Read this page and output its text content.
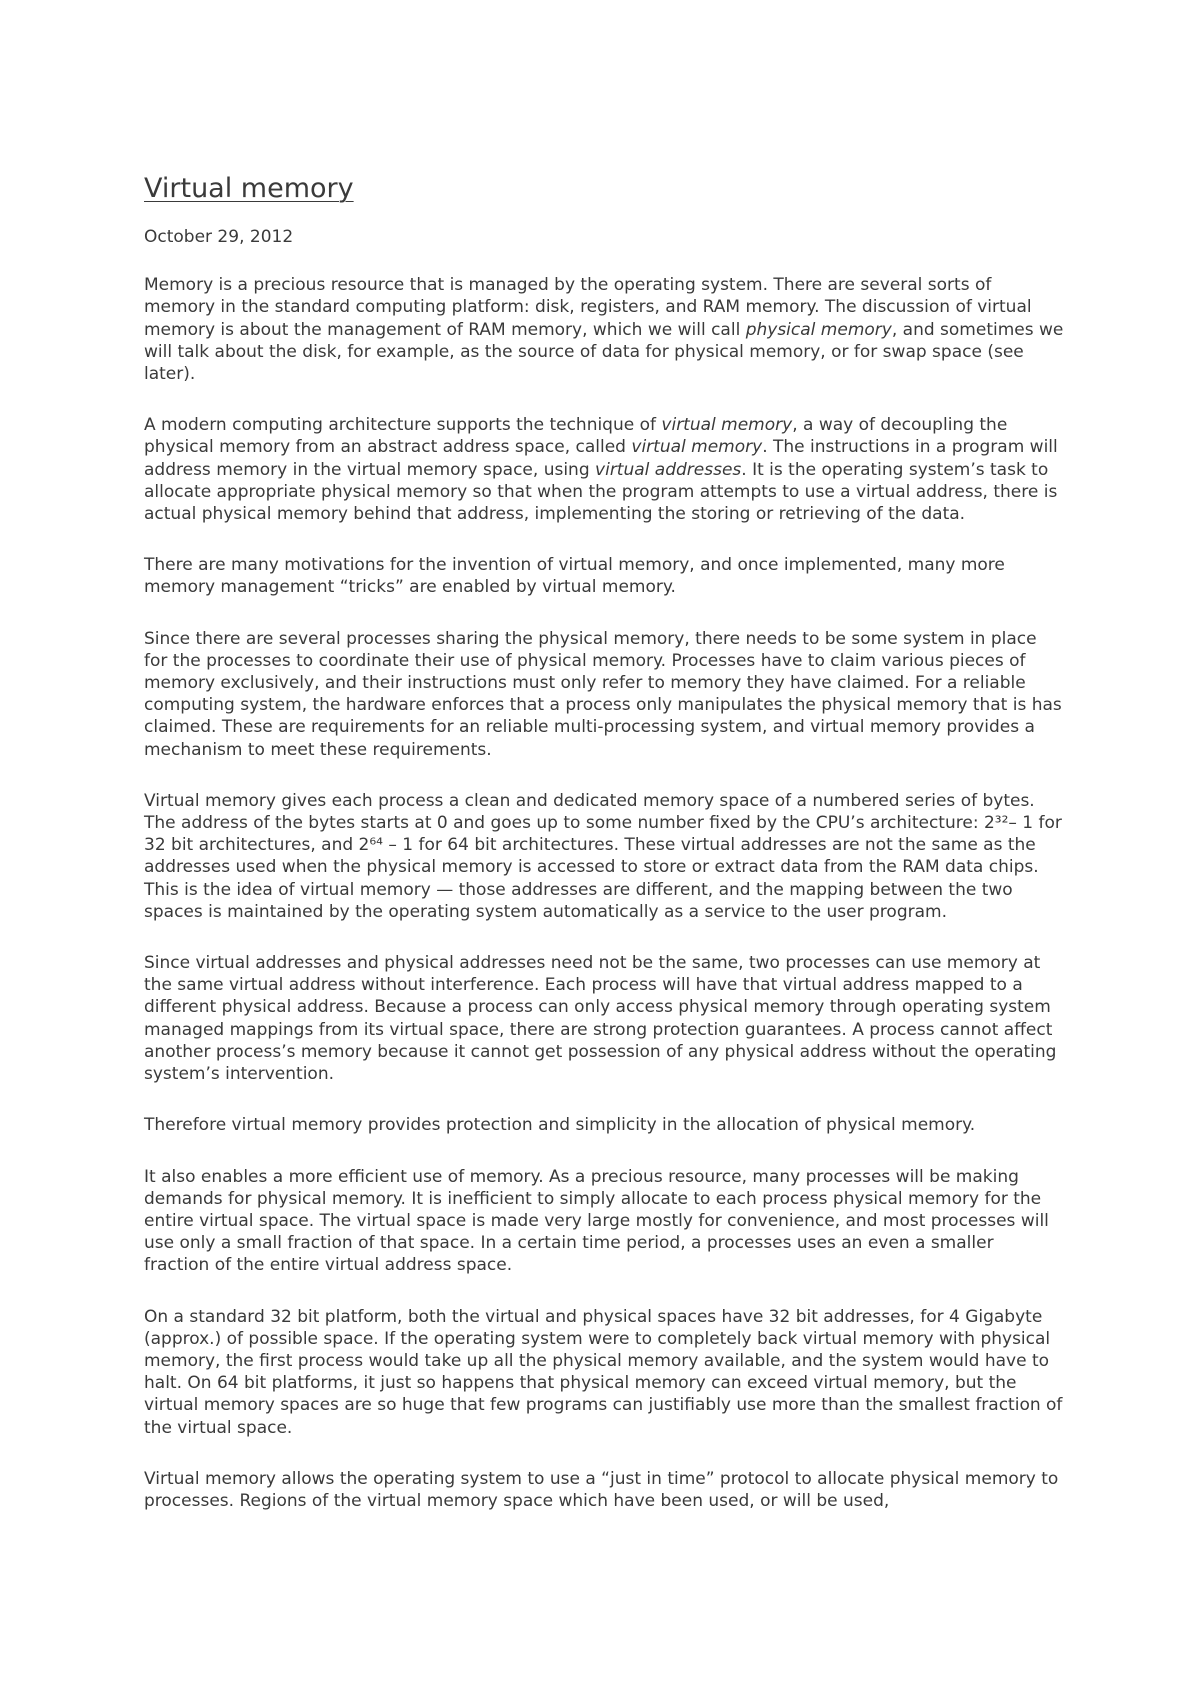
Virtual memory

October 29, 2012

Memory is a precious resource that is managed by the operating system. There are several sorts of memory in the standard computing platform: disk, registers, and RAM memory. The discussion of virtual memory is about the management of RAM memory, which we will call physical memory, and sometimes we will talk about the disk, for example, as the source of data for physical memory, or for swap space (see later).

A modern computing architecture supports the technique of virtual memory, a way of decoupling the physical memory from an abstract address space, called virtual memory. The instructions in a program will address memory in the virtual memory space, using virtual addresses. It is the operating system’s task to allocate appropriate physical memory so that when the program attempts to use a virtual address, there is actual physical memory behind that address, implementing the storing or retrieving of the data.

There are many motivations for the invention of virtual memory, and once implemented, many more memory management “tricks” are enabled by virtual memory.

Since there are several processes sharing the physical memory, there needs to be some system in place for the processes to coordinate their use of physical memory. Processes have to claim various pieces of memory exclusively, and their instructions must only refer to memory they have claimed. For a reliable computing system, the hardware enforces that a process only manipulates the physical memory that is has claimed. These are requirements for an reliable multi-processing system, and virtual memory provides a mechanism to meet these requirements.

Virtual memory gives each process a clean and dedicated memory space of a numbered series of bytes. The address of the bytes starts at 0 and goes up to some number fixed by the CPU’s architecture: 2³²– 1 for 32 bit architectures, and 2⁶⁴ – 1 for 64 bit architectures. These virtual addresses are not the same as the addresses used when the physical memory is accessed to store or extract data from the RAM data chips. This is the idea of virtual memory — those addresses are different, and the mapping between the two spaces is maintained by the operating system automatically as a service to the user program.

Since virtual addresses and physical addresses need not be the same, two processes can use memory at the same virtual address without interference. Each process will have that virtual address mapped to a different physical address. Because a process can only access physical memory through operating system managed mappings from its virtual space, there are strong protection guarantees. A process cannot affect another process’s memory because it cannot get possession of any physical address without the operating system’s intervention.

Therefore virtual memory provides protection and simplicity in the allocation of physical memory.

It also enables a more efficient use of memory. As a precious resource, many processes will be making demands for physical memory. It is inefficient to simply allocate to each process physical memory for the entire virtual space. The virtual space is made very large mostly for convenience, and most processes will use only a small fraction of that space. In a certain time period, a processes uses an even a smaller fraction of the entire virtual address space.

On a standard 32 bit platform, both the virtual and physical spaces have 32 bit addresses, for 4 Gigabyte (approx.) of possible space. If the operating system were to completely back virtual memory with physical memory, the first process would take up all the physical memory available, and the system would have to halt. On 64 bit platforms, it just so happens that physical memory can exceed virtual memory, but the virtual memory spaces are so huge that few programs can justifiably use more than the smallest fraction of the virtual space.

Virtual memory allows the operating system to use a “just in time” protocol to allocate physical memory to processes. Regions of the virtual memory space which have been used, or will be used,
